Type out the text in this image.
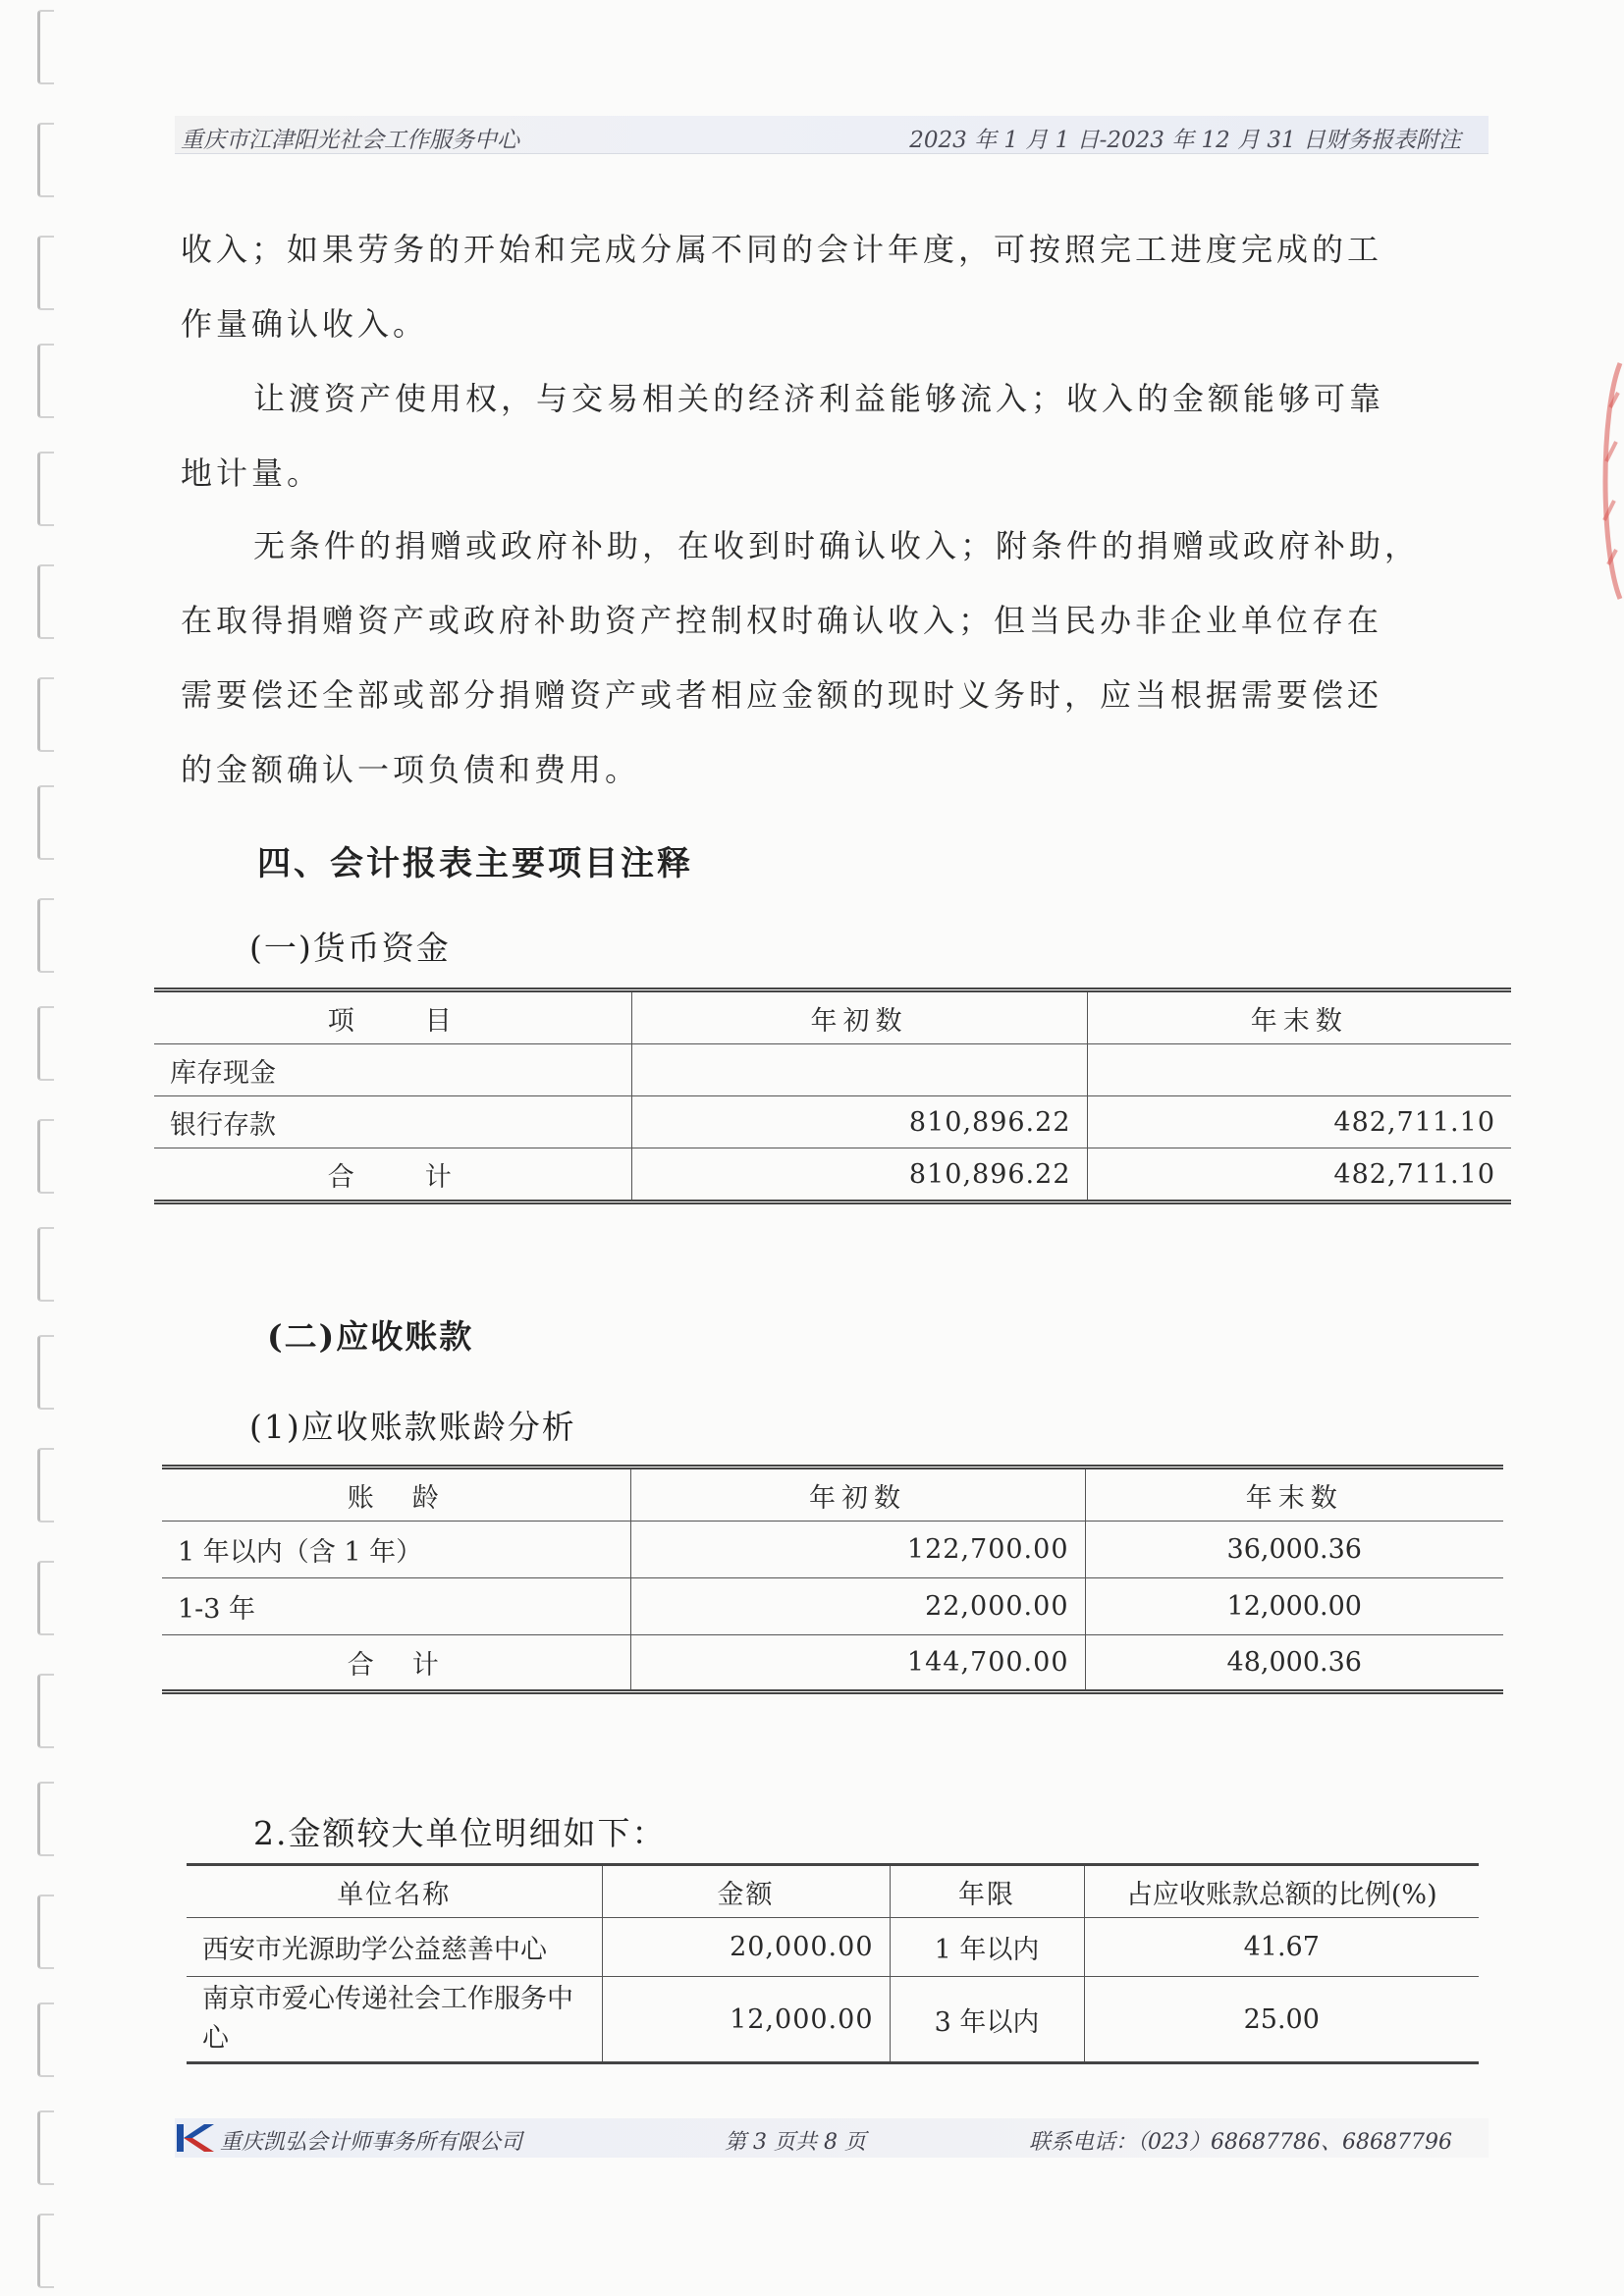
重庆市江津阳光社会工作服务中心	2023 年 1 月 1 日-2023 年 12 月 31 日财务报表附注
收入；如果劳务的开始和完成分属不同的会计年度，可按照完工进度完成的工
作量确认收入。
让渡资产使用权，与交易相关的经济利益能够流入；收入的金额能够可靠
地计量。
无条件的捐赠或政府补助，在收到时确认收入；附条件的捐赠或政府补助，
在取得捐赠资产或政府补助资产控制权时确认收入；但当民办非企业单位存在
需要偿还全部或部分捐赠资产或者相应金额的现时义务时，应当根据需要偿还
的金额确认一项负债和费用。
四、会计报表主要项目注释
(一)货币资金
项　　目	年初数	年末数
库存现金		
银行存款	810,896.22	482,711.10
合　　计	810,896.22	482,711.10
(二)应收账款
(1)应收账款账龄分析
账　龄	年初数	年末数
1 年以内（含 1 年）	122,700.00	36,000.36
1-3 年	22,000.00	12,000.00
合　计	144,700.00	48,000.36
2.金额较大单位明细如下：
单位名称	金额	年限	占应收账款总额的比例(%)
西安市光源助学公益慈善中心	20,000.00	1 年以内	41.67
南京市爱心传递社会工作服务中心	12,000.00	3 年以内	25.00
重庆凯弘会计师事务所有限公司	第 3 页共 8 页	联系电话：（023）68687786、68687796
